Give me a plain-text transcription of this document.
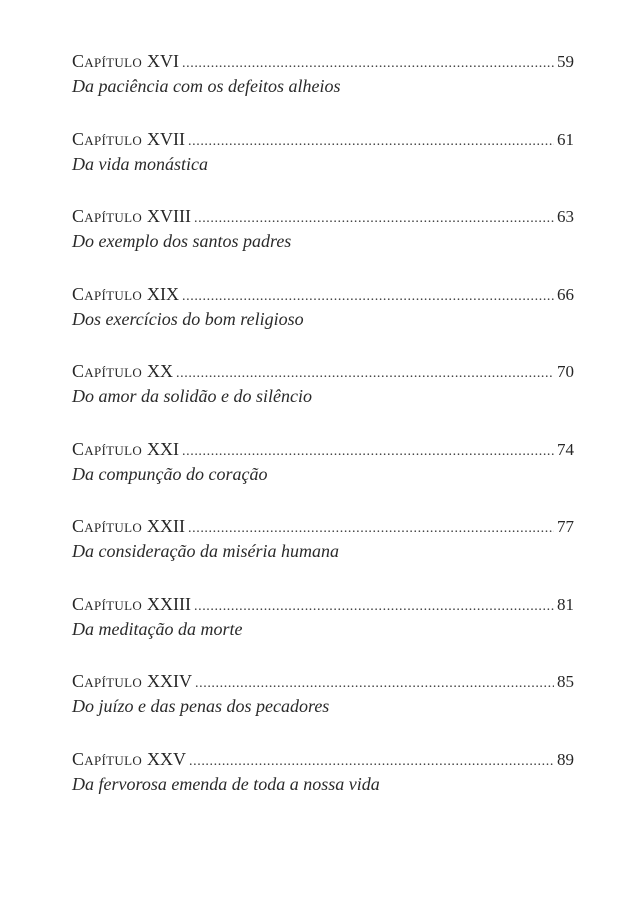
Capítulo XVI .....	59
Da paciência com os defeitos alheios
Capítulo XVII .....	61
Da vida monástica
Capítulo XVIII .....	63
Do exemplo dos santos padres
Capítulo XIX .....	66
Dos exercícios do bom religioso
Capítulo XX .....	70
Do amor da solidão e do silêncio
Capítulo XXI .....	74
Da compunção do coração
Capítulo XXII .....	77
Da consideração da miséria humana
Capítulo XXIII .....	81
Da meditação da morte
Capítulo XXIV .....	85
Do juízo e das penas dos pecadores
Capítulo XXV .....	89
Da fervorosa emenda de toda a nossa vida
